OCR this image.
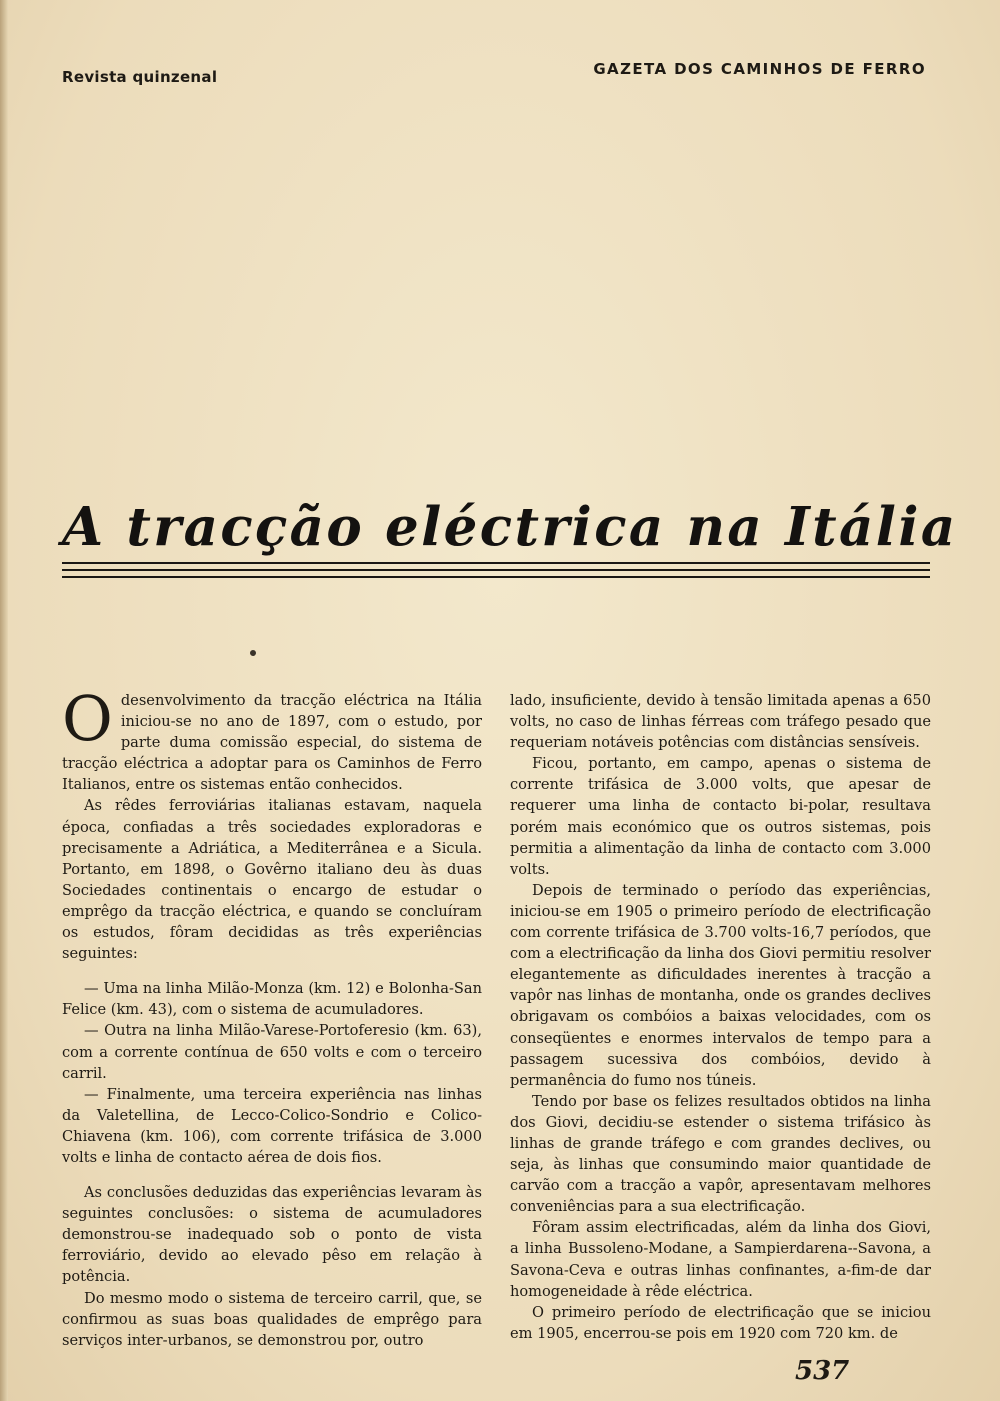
Revista quinzenal	GAZETA DOS CAMINHOS DE FERRO
A tracção eléctrica na Itália

Odesenvolvimento da tracção eléctrica na Itália iniciou-se no ano de 1897, com o estudo, por parte duma comissão especial, do sistema de tracção eléctrica a adoptar para os Caminhos de Ferro Italianos, entre os sistemas então conhecidos.

As rêdes ferroviárias italianas estavam, naquela época, confiadas a três sociedades exploradoras e precisamente a Adriática, a Mediterrânea e a Sicula. Portanto, em 1898, o Govêrno italiano deu às duas Sociedades continentais o encargo de estudar o emprêgo da tracção eléctrica, e quando se concluíram os estudos, fôram decididas as três experiências seguintes:

— Uma na linha Milão-Monza (km. 12) e Bolonha-San Felice (km. 43), com o sistema de acumuladores.

— Outra na linha Milão-Varese-Portoferesio (km. 63), com a corrente contínua de 650 volts e com o terceiro carril.

— Finalmente, uma terceira experiência nas linhas da Valetellina, de Lecco-Colico-Sondrio e Colico-Chiavena (km. 106), com corrente trifásica de 3.000 volts e linha de contacto aérea de dois fios.

As conclusões deduzidas das experiências levaram às seguintes conclusões: o sistema de acumuladores demonstrou-se inadequado sob o ponto de vista ferroviário, devido ao elevado pêso em relação à potência.

Do mesmo modo o sistema de terceiro carril, que, se confirmou as suas boas qualidades de emprêgo para serviços inter-urbanos, se demonstrou por, outro

lado, insuficiente, devido à tensão limitada apenas a 650 volts, no caso de linhas férreas com tráfego pesado que requeriam notáveis potências com distâncias sensíveis.

Ficou, portanto, em campo, apenas o sistema de corrente trifásica de 3.000 volts, que apesar de requerer uma linha de contacto bi-polar, resultava porém mais económico que os outros sistemas, pois permitia a alimentação da linha de contacto com 3.000 volts.

Depois de terminado o período das experiências, iniciou-se em 1905 o primeiro período de electrificação com corrente trifásica de 3.700 volts-16,7 períodos, que com a electrificação da linha dos Giovi permitiu resolver elegantemente as dificuldades inerentes à tracção a vapôr nas linhas de montanha, onde os grandes declives obrigavam os combóios a baixas velocidades, com os conseqüentes e enormes intervalos de tempo para a passagem sucessiva dos combóios, devido à permanência do fumo nos túneis.

Tendo por base os felizes resultados obtidos na linha dos Giovi, decidiu-se estender o sistema trifásico às linhas de grande tráfego e com grandes declives, ou seja, às linhas que consumindo maior quantidade de carvão com a tracção a vapôr, apresentavam melhores conveniências para a sua electrificação.

Fôram assim electrificadas, além da linha dos Giovi, a linha Bussoleno-Modane, a Sampierdarena--Savona, a Savona-Ceva e outras linhas confinantes, a-fim-de dar homogeneidade à rêde eléctrica.

O primeiro período de electrificação que se iniciou em 1905, encerrou-se pois em 1920 com 720 km. de

537
